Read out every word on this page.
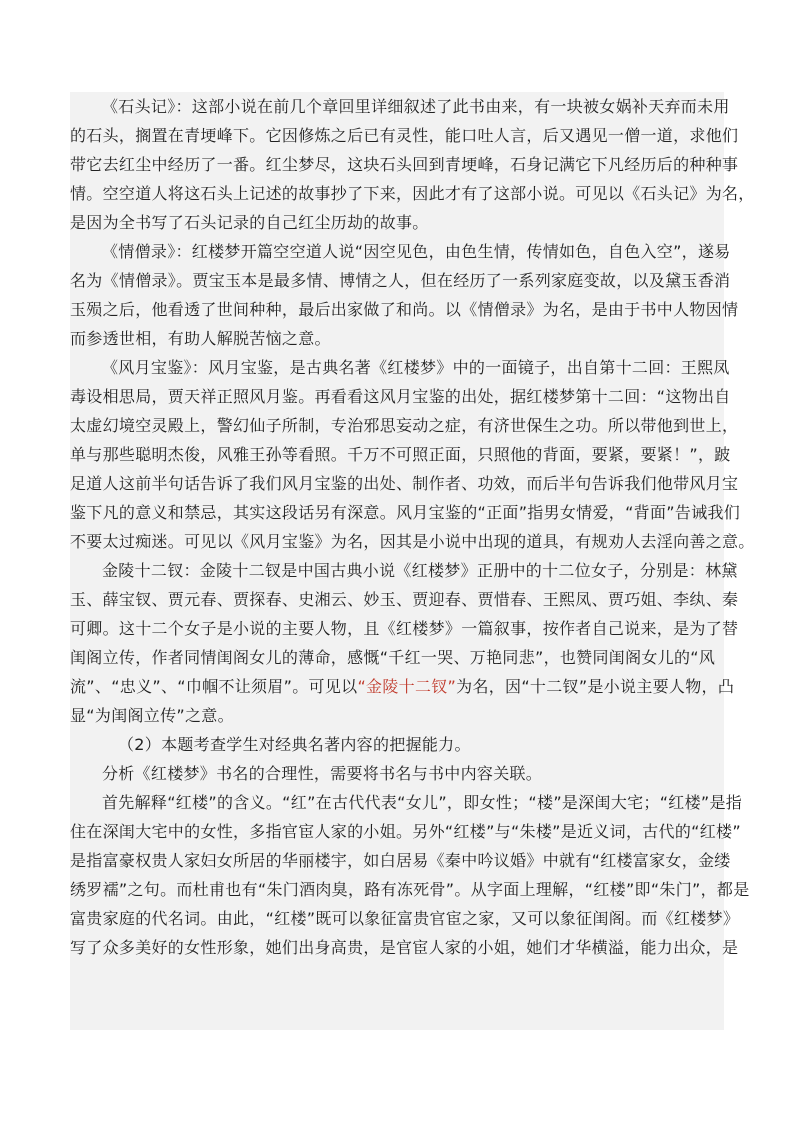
《石头记》：这部小说在前几个章回里详细叙述了此书由来，有一块被女娲补天弃而未用
的石头，搁置在青埂峰下。它因修炼之后已有灵性，能口吐人言，后又遇见一僧一道，求他们
带它去红尘中经历了一番。红尘梦尽，这块石头回到青埂峰，石身记满它下凡经历后的种种事
情。空空道人将这石头上记述的故事抄了下来，因此才有了这部小说。可见以《石头记》为名，
是因为全书写了石头记录的自己红尘历劫的故事。
《情僧录》：红楼梦开篇空空道人说“因空见色，由色生情，传情如色，自色入空”，遂易
名为《情僧录》。贾宝玉本是最多情、博情之人，但在经历了一系列家庭变故，以及黛玉香消
玉殒之后，他看透了世间种种，最后出家做了和尚。以《情僧录》为名，是由于书中人物因情
而参透世相，有助人解脱苦恼之意。
《风月宝鉴》：风月宝鉴，是古典名著《红楼梦》中的一面镜子，出自第十二回：王熙凤
毒设相思局，贾天祥正照风月鉴。再看看这风月宝鉴的出处，据红楼梦第十二回：“这物出自
太虚幻境空灵殿上，警幻仙子所制，专治邪思妄动之症，有济世保生之功。所以带他到世上，
单与那些聪明杰俊，风雅王孙等看照。千万不可照正面，只照他的背面，要紧，要紧！”，跛
足道人这前半句话告诉了我们风月宝鉴的出处、制作者、功效，而后半句告诉我们他带风月宝
鉴下凡的意义和禁忌，其实这段话另有深意。风月宝鉴的“正面”指男女情爱，“背面”告诫我们
不要太过痴迷。可见以《风月宝鉴》为名，因其是小说中出现的道具，有规劝人去淫向善之意。
金陵十二钗：金陵十二钗是中国古典小说《红楼梦》正册中的十二位女子，分别是：林黛
玉、薛宝钗、贾元春、贾探春、史湘云、妙玉、贾迎春、贾惜春、王熙凤、贾巧姐、李纨、秦
可卿。这十二个女子是小说的主要人物，且《红楼梦》一篇叙事，按作者自己说来，是为了替
闺阁立传，作者同情闺阁女儿的薄命，感慨“千红一哭、万艳同悲”，也赞同闺阁女儿的“风
流”、“忠义”、“巾帼不让须眉”。可见以“金陵十二钗”为名，因“十二钗”是小说主要人物，凸
显“为闺阁立传”之意。
（2）本题考查学生对经典名著内容的把握能力。
分析《红楼梦》书名的合理性，需要将书名与书中内容关联。
首先解释“红楼”的含义。“红”在古代代表“女儿”，即女性；“楼”是深闺大宅；“红楼”是指
住在深闺大宅中的女性，多指官宦人家的小姐。另外“红楼”与“朱楼”是近义词，古代的“红楼”
是指富豪权贵人家妇女所居的华丽楼宇，如白居易《秦中吟议婚》中就有“红楼富家女，金缕
绣罗襦”之句。而杜甫也有“朱门酒肉臭，路有冻死骨”。从字面上理解，“红楼”即“朱门”，都是
富贵家庭的代名词。由此，“红楼”既可以象征富贵官宦之家，又可以象征闺阁。而《红楼梦》
写了众多美好的女性形象，她们出身高贵，是官宦人家的小姐，她们才华横溢，能力出众，是
